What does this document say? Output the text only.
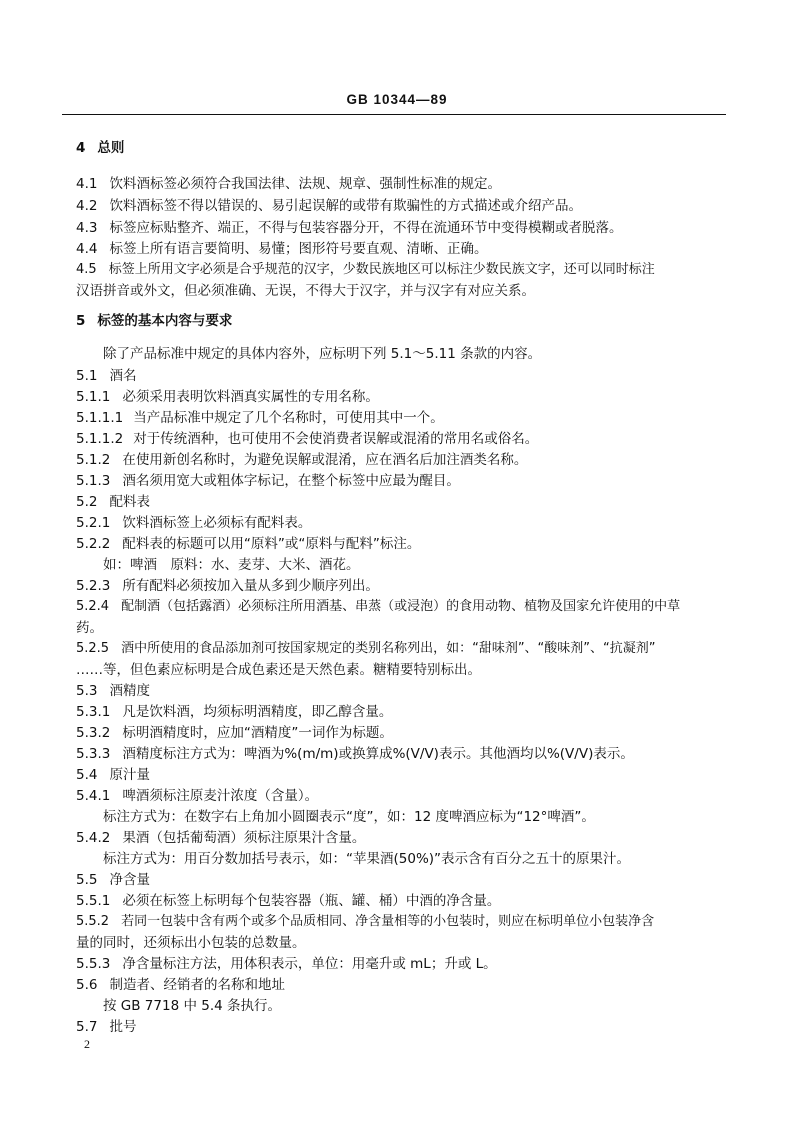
GB 10344—89
4 总则
4.1 饮料酒标签必须符合我国法律、法规、规章、强制性标准的规定。
4.2 饮料酒标签不得以错误的、易引起误解的或带有欺骗性的方式描述或介绍产品。
4.3 标签应标贴整齐、端正，不得与包装容器分开，不得在流通环节中变得模糊或者脱落。
4.4 标签上所有语言要简明、易懂；图形符号要直观、清晰、正确。
4.5 标签上所用文字必须是合乎规范的汉字，少数民族地区可以标注少数民族文字，还可以同时标注
汉语拼音或外文，但必须准确、无误，不得大于汉字，并与汉字有对应关系。
5 标签的基本内容与要求
除了产品标准中规定的具体内容外，应标明下列 5.1～5.11 条款的内容。
5.1 酒名
5.1.1 必须采用表明饮料酒真实属性的专用名称。
5.1.1.1 当产品标准中规定了几个名称时，可使用其中一个。
5.1.1.2 对于传统酒种，也可使用不会使消费者误解或混淆的常用名或俗名。
5.1.2 在使用新创名称时，为避免误解或混淆，应在酒名后加注酒类名称。
5.1.3 酒名须用宽大或粗体字标记，在整个标签中应最为醒目。
5.2 配料表
5.2.1 饮料酒标签上必须标有配料表。
5.2.2 配料表的标题可以用“原料”或“原料与配料”标注。
如：啤酒　原料：水、麦芽、大米、酒花。
5.2.3 所有配料必须按加入量从多到少顺序列出。
5.2.4 配制酒（包括露酒）必须标注所用酒基、串蒸（或浸泡）的食用动物、植物及国家允许使用的中草
药。
5.2.5 酒中所使用的食品添加剂可按国家规定的类别名称列出，如：“甜味剂”、“酸味剂”、“抗凝剂”
……等，但色素应标明是合成色素还是天然色素。糖精要特别标出。
5.3 酒精度
5.3.1 凡是饮料酒，均须标明酒精度，即乙醇含量。
5.3.2 标明酒精度时，应加“酒精度”一词作为标题。
5.3.3 酒精度标注方式为：啤酒为%(m/m)或换算成%(V/V)表示。其他酒均以%(V/V)表示。
5.4 原汁量
5.4.1 啤酒须标注原麦汁浓度（含量）。
标注方式为：在数字右上角加小圆圈表示“度”，如：12 度啤酒应标为“12°啤酒”。
5.4.2 果酒（包括葡萄酒）须标注原果汁含量。
标注方式为：用百分数加括号表示，如：“苹果酒(50%)”表示含有百分之五十的原果汁。
5.5 净含量
5.5.1 必须在标签上标明每个包装容器（瓶、罐、桶）中酒的净含量。
5.5.2 若同一包装中含有两个或多个品质相同、净含量相等的小包装时，则应在标明单位小包装净含
量的同时，还须标出小包装的总数量。
5.5.3 净含量标注方法，用体积表示，单位：用毫升或 mL；升或 L。
5.6 制造者、经销者的名称和地址
按 GB 7718 中 5.4 条执行。
5.7 批号
2
